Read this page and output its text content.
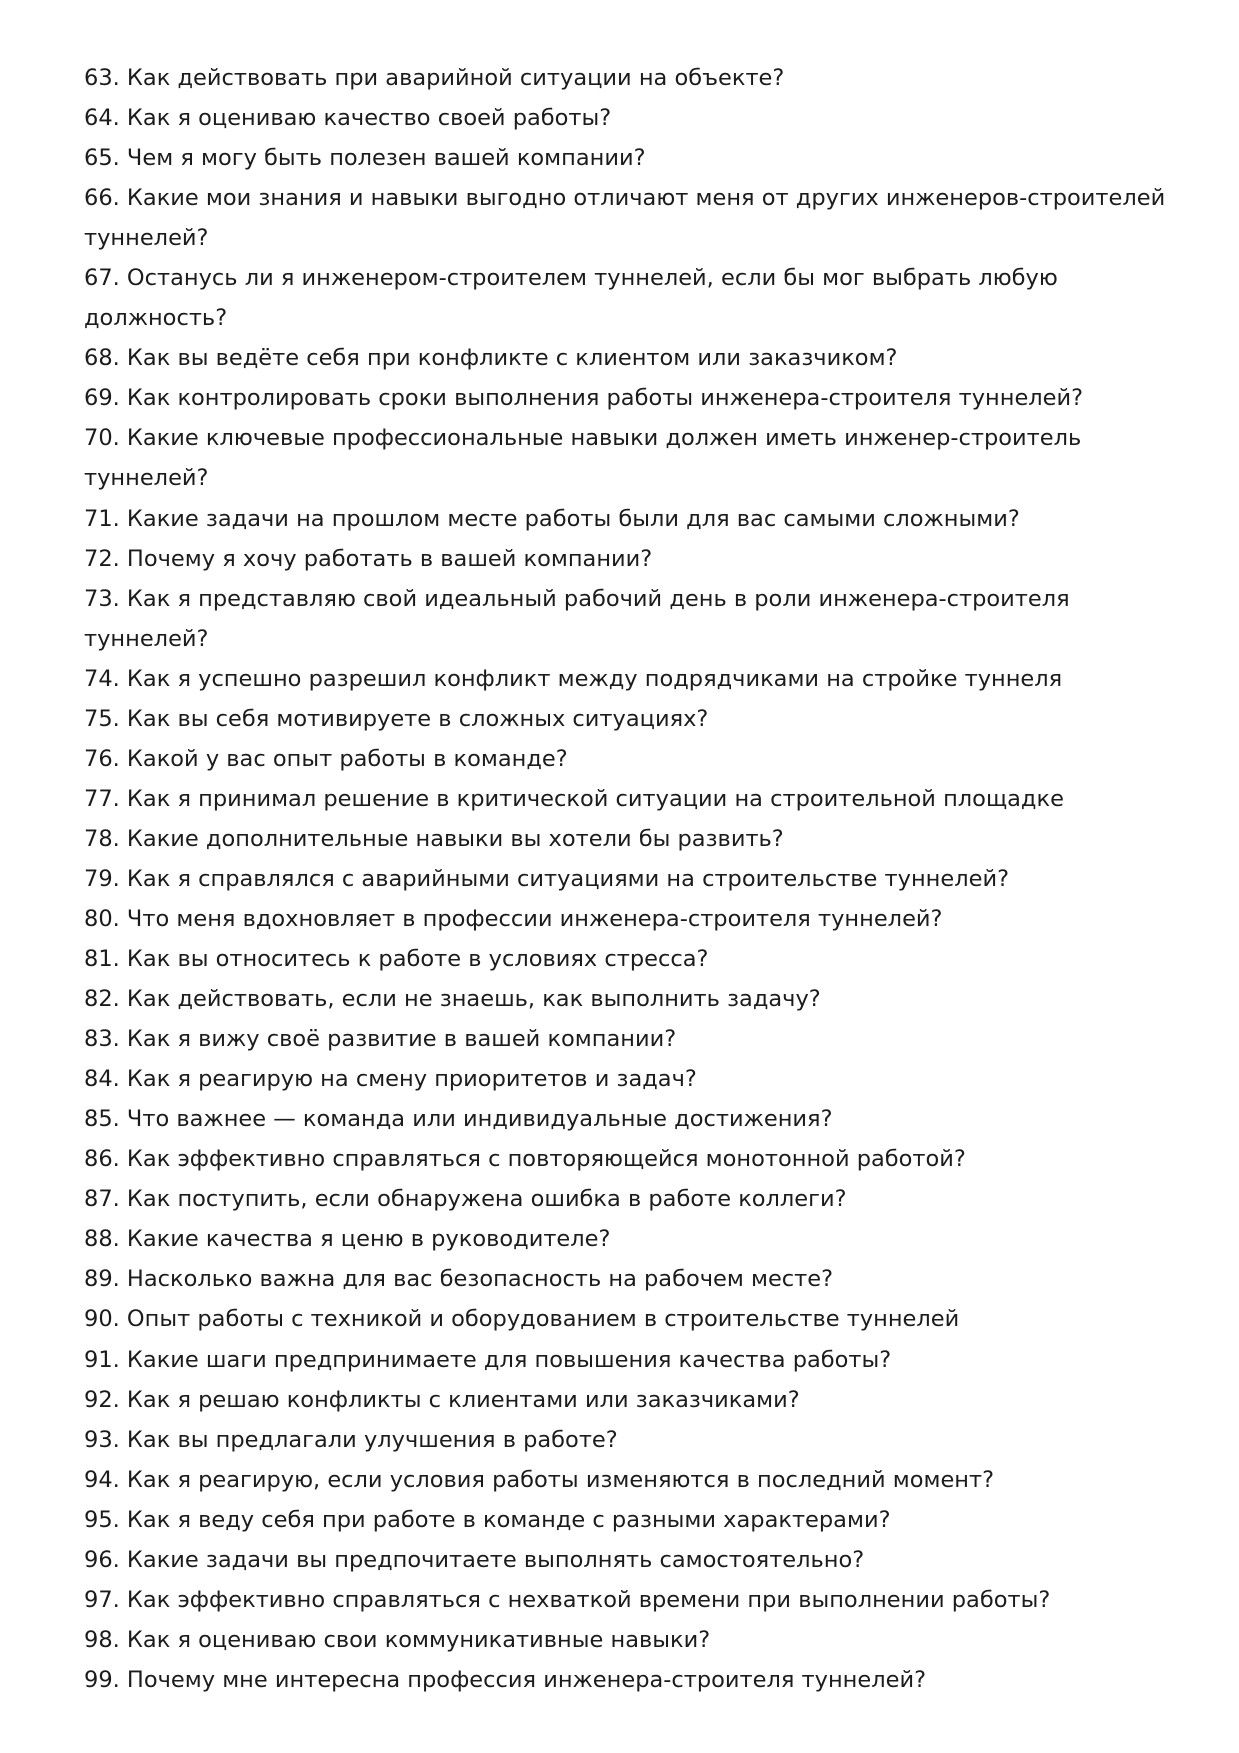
63. Как действовать при аварийной ситуации на объекте?
64. Как я оцениваю качество своей работы?
65. Чем я могу быть полезен вашей компании?
66. Какие мои знания и навыки выгодно отличают меня от других инженеров-строителей туннелей?
67. Останусь ли я инженером-строителем туннелей, если бы мог выбрать любую должность?
68. Как вы ведёте себя при конфликте с клиентом или заказчиком?
69. Как контролировать сроки выполнения работы инженера-строителя туннелей?
70. Какие ключевые профессиональные навыки должен иметь инженер-строитель туннелей?
71. Какие задачи на прошлом месте работы были для вас самыми сложными?
72. Почему я хочу работать в вашей компании?
73. Как я представляю свой идеальный рабочий день в роли инженера-строителя туннелей?
74. Как я успешно разрешил конфликт между подрядчиками на стройке туннеля
75. Как вы себя мотивируете в сложных ситуациях?
76. Какой у вас опыт работы в команде?
77. Как я принимал решение в критической ситуации на строительной площадке
78. Какие дополнительные навыки вы хотели бы развить?
79. Как я справлялся с аварийными ситуациями на строительстве туннелей?
80. Что меня вдохновляет в профессии инженера-строителя туннелей?
81. Как вы относитесь к работе в условиях стресса?
82. Как действовать, если не знаешь, как выполнить задачу?
83. Как я вижу своё развитие в вашей компании?
84. Как я реагирую на смену приоритетов и задач?
85. Что важнее — команда или индивидуальные достижения?
86. Как эффективно справляться с повторяющейся монотонной работой?
87. Как поступить, если обнаружена ошибка в работе коллеги?
88. Какие качества я ценю в руководителе?
89. Насколько важна для вас безопасность на рабочем месте?
90. Опыт работы с техникой и оборудованием в строительстве туннелей
91. Какие шаги предпринимаете для повышения качества работы?
92. Как я решаю конфликты с клиентами или заказчиками?
93. Как вы предлагали улучшения в работе?
94. Как я реагирую, если условия работы изменяются в последний момент?
95. Как я веду себя при работе в команде с разными характерами?
96. Какие задачи вы предпочитаете выполнять самостоятельно?
97. Как эффективно справляться с нехваткой времени при выполнении работы?
98. Как я оцениваю свои коммуникативные навыки?
99. Почему мне интересна профессия инженера-строителя туннелей?
